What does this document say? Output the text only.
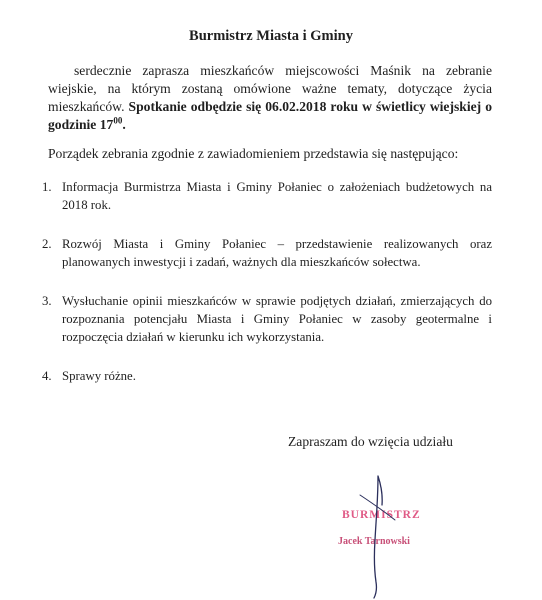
Burmistrz Miasta i Gminy
serdecznie zaprasza mieszkańców miejscowości Maśnik na zebranie wiejskie, na którym zostaną omówione ważne tematy, dotyczące życia mieszkańców. Spotkanie odbędzie się 06.02.2018 roku w świetlicy wiejskiej o godzinie $17^{00}$.
Porządek zebrania zgodnie z zawiadomieniem przedstawia się następująco:
1. Informacja Burmistrza Miasta i Gminy Połaniec o założeniach budżetowych na 2018 rok.
2. Rozwój Miasta i Gminy Połaniec – przedstawienie realizowanych oraz planowanych inwestycji i zadań, ważnych dla mieszkańców sołectwa.
3. Wysłuchanie opinii mieszkańców w sprawie podjętych działań, zmierzających do rozpoznania potencjału Miasta i Gminy Połaniec w zasoby geotermalne i rozpoczęcia działań w kierunku ich wykorzystania.
4. Sprawy różne.
Zapraszam do wzięcia udziału
BURMISTRZ
Jacek Tarnowski
